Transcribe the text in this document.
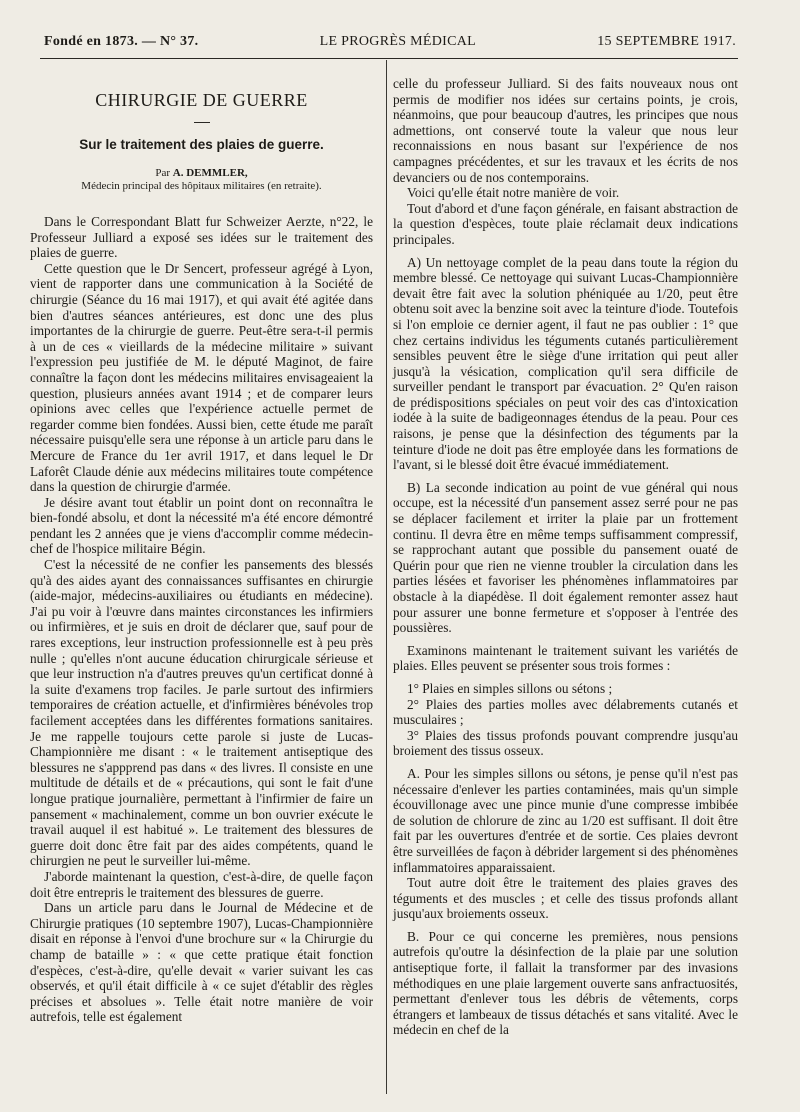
Fondé en 1873. — N° 37.	LE PROGRÈS MÉDICAL	15 SEPTEMBRE 1917.
CHIRURGIE DE GUERRE
Sur le traitement des plaies de guerre.
Par A. DEMMLER,
Médecin principal des hôpitaux militaires (en retraite).

Dans le Correspondant Blatt fur Schweizer Aerzte, n°22, le Professeur Julliard a exposé ses idées sur le traitement des plaies de guerre.

Cette question que le Dr Sencert, professeur agrégé à Lyon, vient de rapporter dans une communication à la Société de chirurgie (Séance du 16 mai 1917), et qui avait été agitée dans bien d'autres séances antérieures, est donc une des plus importantes de la chirurgie de guerre. Peut-être sera-t-il permis à un de ces « vieillards de la médecine militaire » suivant l'expression peu justifiée de M. le député Maginot, de faire connaître la façon dont les médecins militaires envisageaient la question, plusieurs années avant 1914 ; et de comparer leurs opinions avec celles que l'expérience actuelle permet de regarder comme bien fondées. Aussi bien, cette étude me paraît nécessaire puisqu'elle sera une réponse à un article paru dans le Mercure de France du 1er avril 1917, et dans lequel le Dr Laforêt Claude dénie aux médecins militaires toute compétence dans la question de chirurgie d'armée.

Je désire avant tout établir un point dont on reconnaîtra le bien-fondé absolu, et dont la nécessité m'a été encore démontré pendant les 2 années que je viens d'accomplir comme médecin-chef de l'hospice militaire Bégin.

C'est la nécessité de ne confier les pansements des blessés qu'à des aides ayant des connaissances suffisantes en chirurgie (aide-major, médecins-auxiliaires ou étudiants en médecine). J'ai pu voir à l'œuvre dans maintes circonstances les infirmiers ou infirmières, et je suis en droit de déclarer que, sauf pour de rares exceptions, leur instruction professionnelle est à peu près nulle ; qu'elles n'ont aucune éducation chirurgicale sérieuse et que leur instruction n'a d'autres preuves qu'un certificat donné à la suite d'examens trop faciles. Je parle surtout des infirmiers temporaires de création actuelle, et d'infirmières bénévoles trop facilement acceptées dans les différentes formations sanitaires. Je me rappelle toujours cette parole si juste de Lucas-Championnière me disant : « le traitement antiseptique des blessures ne s'appprend pas dans « des livres. Il consiste en une multitude de détails et de « précautions, qui sont le fait d'une longue pratique journalière, permettant à l'infirmier de faire un pansement « machinalement, comme un bon ouvrier exécute le travail auquel il est habitué ». Le traitement des blessures de guerre doit donc être fait par des aides compétents, quand le chirurgien ne peut le surveiller lui-même.

J'aborde maintenant la question, c'est-à-dire, de quelle façon doit être entrepris le traitement des blessures de guerre.

Dans un article paru dans le Journal de Médecine et de Chirurgie pratiques (10 septembre 1907), Lucas-Championnière disait en réponse à l'envoi d'une brochure sur « la Chirurgie du champ de bataille » : « que cette pratique était fonction d'espèces, c'est-à-dire, qu'elle devait « varier suivant les cas observés, et qu'il était difficile à « ce sujet d'établir des règles précises et absolues ». Telle était notre manière de voir autrefois, telle est également

celle du professeur Julliard. Si des faits nouveaux nous ont permis de modifier nos idées sur certains points, je crois, néanmoins, que pour beaucoup d'autres, les principes que nous admettions, ont conservé toute la valeur que nous leur reconnaissions en nous basant sur l'expérience de nos campagnes précédentes, et sur les travaux et les écrits de nos devanciers ou de nos contemporains.

Voici qu'elle était notre manière de voir.

Tout d'abord et d'une façon générale, en faisant abstraction de la question d'espèces, toute plaie réclamait deux indications principales.

A) Un nettoyage complet de la peau dans toute la région du membre blessé. Ce nettoyage qui suivant Lucas-Championnière devait être fait avec la solution phéniquée au 1/20, peut être obtenu soit avec la benzine soit avec la teinture d'iode. Toutefois si l'on emploie ce dernier agent, il faut ne pas oublier : 1° que chez certains individus les téguments cutanés particulièrement sensibles peuvent être le siège d'une irritation qui peut aller jusqu'à la vésication, complication qu'il sera difficile de surveiller pendant le transport par évacuation. 2° Qu'en raison de prédispositions spéciales on peut voir des cas d'intoxication iodée à la suite de badigeonnages étendus de la peau. Pour ces raisons, je pense que la désinfection des téguments par la teinture d'iode ne doit pas être employée dans les formations de l'avant, si le blessé doit être évacué immédiatement.

B) La seconde indication au point de vue général qui nous occupe, est la nécessité d'un pansement assez serré pour ne pas se déplacer facilement et irriter la plaie par un frottement continu. Il devra être en même temps suffisamment compressif, se rapprochant autant que possible du pansement ouaté de Quérin pour que rien ne vienne troubler la circulation dans les parties lésées et favoriser les phénomènes inflammatoires par obstacle à la diapédèse. Il doit également remonter assez haut pour assurer une bonne fermeture et s'opposer à l'entrée des poussières.

Examinons maintenant le traitement suivant les variétés de plaies. Elles peuvent se présenter sous trois formes :

1° Plaies en simples sillons ou sétons ;

2° Plaies des parties molles avec délabrements cutanés et musculaires ;

3° Plaies des tissus profonds pouvant comprendre jusqu'au broiement des tissus osseux.

A. Pour les simples sillons ou sétons, je pense qu'il n'est pas nécessaire d'enlever les parties contaminées, mais qu'un simple écouvillonage avec une pince munie d'une compresse imbibée de solution de chlorure de zinc au 1/20 est suffisant. Il doit être fait par les ouvertures d'entrée et de sortie. Ces plaies devront être surveillées de façon à débrider largement si des phénomènes inflammatoires apparaissaient.

Tout autre doit être le traitement des plaies graves des téguments et des muscles ; et celle des tissus profonds allant jusqu'aux broiements osseux.

B. Pour ce qui concerne les premières, nous pensions autrefois qu'outre la désinfection de la plaie par une solution antiseptique forte, il fallait la transformer par des invasions méthodiques en une plaie largement ouverte sans anfractuosités, permettant d'enlever tous les débris de vêtements, corps étrangers et lambeaux de tissus détachés et sans vitalité. Avec le médecin en chef de la
